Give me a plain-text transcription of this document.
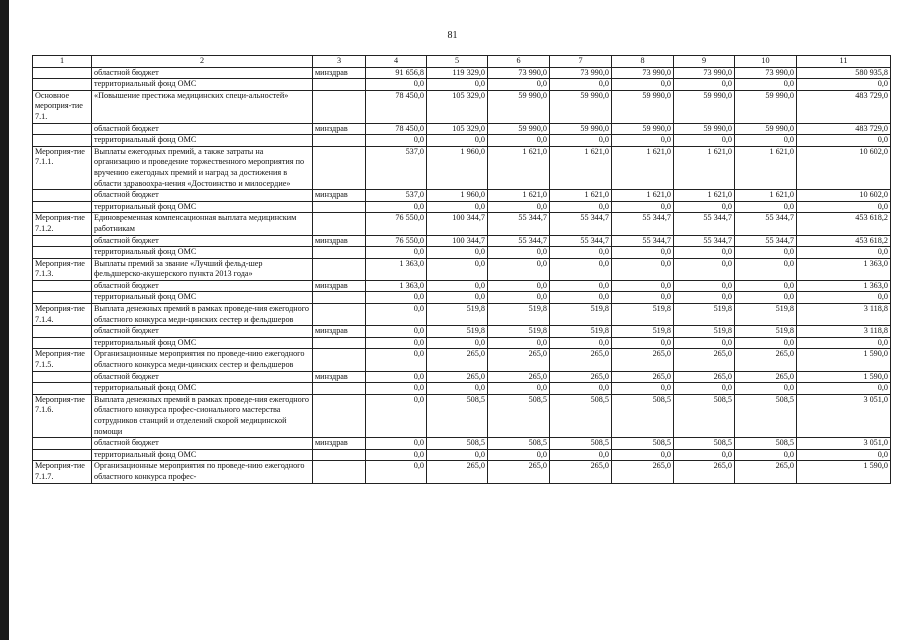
81
1	2	3	4	5	6	7	8	9	10	11
	областной бюджет	минздрав	91 656,8	119 329,0	73 990,0	73 990,0	73 990,0	73 990,0	73 990,0	580 935,8
	территориальный фонд ОМС		0,0	0,0	0,0	0,0	0,0	0,0	0,0	0,0
Основное мероприя-тие 7.1.	«Повышение престижа медицинских специ-альностей»		78 450,0	105 329,0	59 990,0	59 990,0	59 990,0	59 990,0	59 990,0	483 729,0
	областной бюджет	минздрав	78 450,0	105 329,0	59 990,0	59 990,0	59 990,0	59 990,0	59 990,0	483 729,0
	территориальный фонд ОМС		0,0	0,0	0,0	0,0	0,0	0,0	0,0	0,0
Мероприя-тие 7.1.1.	Выплаты ежегодных премий, а также затраты на организацию и проведение торжественного мероприятия по вручению ежегодных премий и наград за достижения в области здравоохра-нения «Достоинство и милосердие»		537,0	1 960,0	1 621,0	1 621,0	1 621,0	1 621,0	1 621,0	10 602,0
	областной бюджет	минздрав	537,0	1 960,0	1 621,0	1 621,0	1 621,0	1 621,0	1 621,0	10 602,0
	территориальный фонд ОМС		0,0	0,0	0,0	0,0	0,0	0,0	0,0	0,0
Мероприя-тие 7.1.2.	Единовременная компенсационная выплата медицинским работникам		76 550,0	100 344,7	55 344,7	55 344,7	55 344,7	55 344,7	55 344,7	453 618,2
	областной бюджет	минздрав	76 550,0	100 344,7	55 344,7	55 344,7	55 344,7	55 344,7	55 344,7	453 618,2
	территориальный фонд ОМС		0,0	0,0	0,0	0,0	0,0	0,0	0,0	0,0
Мероприя-тие 7.1.3.	Выплаты премий за звание «Лучший фельд-шер фельдшерско-акушерского пункта 2013 года»		1 363,0	0,0	0,0	0,0	0,0	0,0	0,0	1 363,0
	областной бюджет	минздрав	1 363,0	0,0	0,0	0,0	0,0	0,0	0,0	1 363,0
	территориальный фонд ОМС		0,0	0,0	0,0	0,0	0,0	0,0	0,0	0,0
Мероприя-тие 7.1.4.	Выплата денежных премий в рамках проведе-ния ежегодного областного конкурса меди-цинских сестер и фельдшеров		0,0	519,8	519,8	519,8	519,8	519,8	519,8	3 118,8
	областной бюджет	минздрав	0,0	519,8	519,8	519,8	519,8	519,8	519,8	3 118,8
	территориальный фонд ОМС		0,0	0,0	0,0	0,0	0,0	0,0	0,0	0,0
Мероприя-тие 7.1.5.	Организационные мероприятия по проведе-нию ежегодного областного конкурса меди-цинских сестер и фельдшеров		0,0	265,0	265,0	265,0	265,0	265,0	265,0	1 590,0
	областной бюджет	минздрав	0,0	265,0	265,0	265,0	265,0	265,0	265,0	1 590,0
	территориальный фонд ОМС		0,0	0,0	0,0	0,0	0,0	0,0	0,0	0,0
Мероприя-тие 7.1.6.	Выплата денежных премий в рамках проведе-ния ежегодного областного конкурса профес-сионального мастерства сотрудников станций и отделений скорой медицинской помощи		0,0	508,5	508,5	508,5	508,5	508,5	508,5	3 051,0
	областной бюджет	минздрав	0,0	508,5	508,5	508,5	508,5	508,5	508,5	3 051,0
	территориальный фонд ОМС		0,0	0,0	0,0	0,0	0,0	0,0	0,0	0,0
Мероприя-тие 7.1.7.	Организационные мероприятия по проведе-нию ежегодного областного конкурса профес-		0,0	265,0	265,0	265,0	265,0	265,0	265,0	1 590,0
